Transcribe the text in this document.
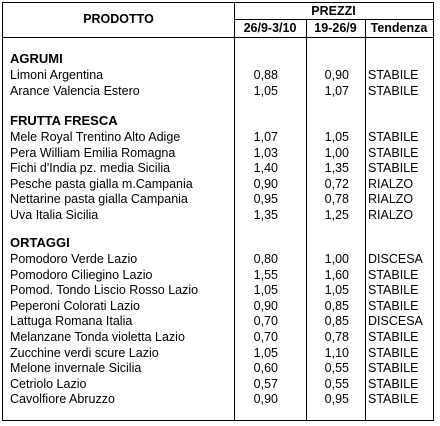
PRODOTTO
PREZZI
26/9-3/10	19-26/9	Tendenza
AGRUMI
Limoni Argentina	0,88	0,90 STABILE
Arance Valencia Estero	1,05	1,07 STABILE
FRUTTA FRESCA
Mele Royal Trentino Alto Adige	1,07	1,05 STABILE
Pera William Emilia Romagna	1,03	1,00 STABILE
Fichi d'India pz. media Sicilia	1,40	1,35 STABILE
Pesche pasta gialla m.Campania	0,90	0,72 RIALZO
Nettarine pasta gialla Campania	0,95	0,78 RIALZO
Uva Italia Sicilia	1,35	1,25 RIALZO
ORTAGGI
Pomodoro Verde Lazio	0,80	1,00 DISCESA
Pomodoro Ciliegino Lazio	1,55	1,60 STABILE
Pomod. Tondo Liscio Rosso Lazio	1,05	1,05 STABILE
Peperoni Colorati Lazio	0,90	0,85 STABILE
Lattuga Romana Italia	0,70	0,85 DISCESA
Melanzane Tonda violetta Lazio	0,70	0,78 STABILE
Zucchine verdi scure Lazio	1,05	1,10 STABILE
Melone invernale Sicilia	0,60	0,55 STABILE
Cetriolo Lazio	0,57	0,55 STABILE
Cavolfiore Abruzzo	0,90	0,95 STABILE
